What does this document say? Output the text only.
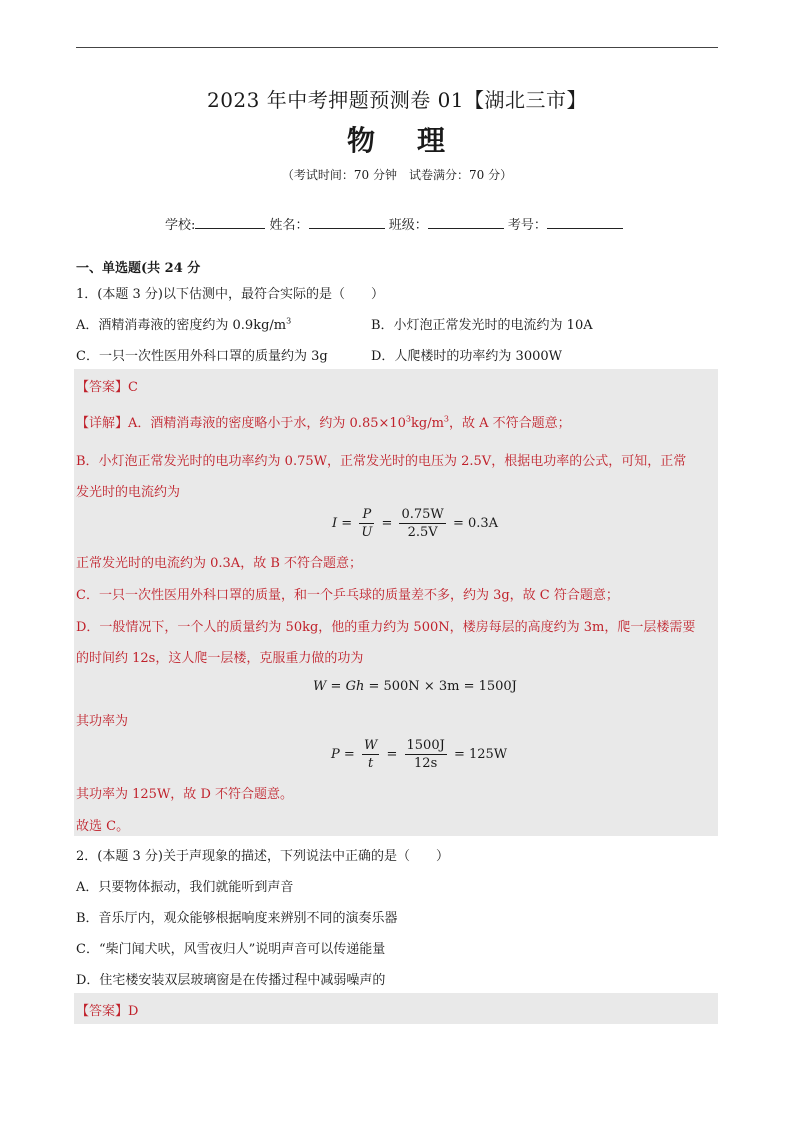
2023 年中考押题预测卷 01【湖北三市】
物 理
（考试时间：70 分钟　试卷满分：70 分）
学校:	姓名：	班级：	考号：
一、单选题(共 24 分
1．(本题 3 分)以下估测中，最符合实际的是（　　）
A．酒精消毒液的密度约为 $0.9kg/m^3$	B．小灯泡正常发光时的电流约为 10A
C．一只一次性医用外科口罩的质量约为 3g	D．人爬楼时的功率约为 3000W
【答案】C
【详解】A．酒精消毒液的密度略小于水，约为 $0.85\times 10^3kg/m^3$，故 A 不符合题意；
B．小灯泡正常发光时的电功率约为 0.75W，正常发光时的电压为 2.5V，根据电功率的公式，可知，正常
发光时的电流约为
$I = \frac{P}{U} = \frac{0.75W}{2.5V} = 0.3A$
正常发光时的电流约为 0.3A，故 B 不符合题意；
C．一只一次性医用外科口罩的质量，和一个乒乓球的质量差不多，约为 3g，故 C 符合题意；
D．一般情况下，一个人的质量约为 50kg，他的重力约为 500N，楼房每层的高度约为 3m，爬一层楼需要
的时间约 12s，这人爬一层楼，克服重力做的功为
W = Gh = 500N × 3m = 1500J
其功率为
$P = \frac{W}{t} = \frac{1500J}{12s} = 125W$
其功率为 125W，故 D 不符合题意。
故选 C。
2．(本题 3 分)关于声现象的描述，下列说法中正确的是（　　）
A．只要物体振动，我们就能听到声音
B．音乐厅内，观众能够根据响度来辨别不同的演奏乐器
C．“柴门闻犬吠，风雪夜归人”说明声音可以传递能量
D．住宅楼安装双层玻璃窗是在传播过程中减弱噪声的
【答案】D
